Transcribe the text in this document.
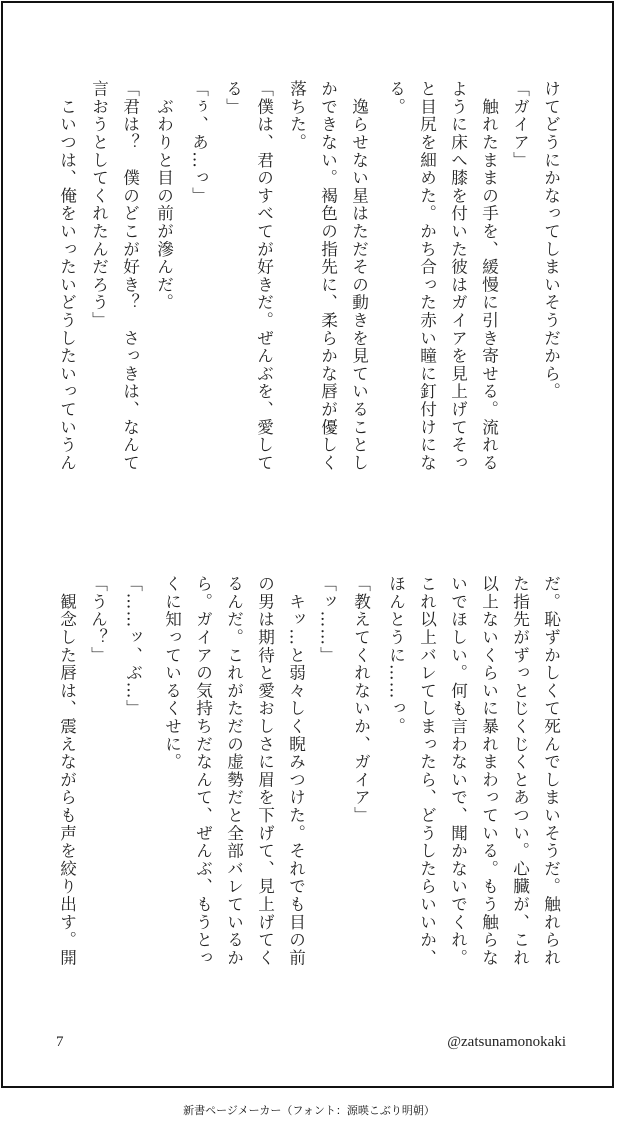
けてどうにかなってしまいそうだから。
「ガイア」
　触れたままの手を、緩慢に引き寄せる。流れる
ように床へ膝を付いた彼はガイアを見上げてそっ
と目尻を細めた。かち合った赤い瞳に釘付けにな
る。
　逸らせない星はただその動きを見ていることし
かできない。褐色の指先に、柔らかな唇が優しく
落ちた。
「僕は、君のすべてが好きだ。ぜんぶを、愛して
る」
「ぅ、あ…っ」
　ぶわりと目の前が滲んだ。
「君は？　僕のどこが好き？　さっきは、なんて
言おうとしてくれたんだろう」
　こいつは、俺をいったいどうしたいっていうん
だ。恥ずかしくて死んでしまいそうだ。触れられ
た指先がずっとじくじくとあつい。心臓が、これ
以上ないくらいに暴れまわっている。もう触らな
いでほしい。何も言わないで、聞かないでくれ。
これ以上バレてしまったら、どうしたらいいか、
ほんとうに……っ。
「教えてくれないか、ガイア」
「ッ……」
　キッ…と弱々しく睨みつけた。それでも目の前
の男は期待と愛おしさに眉を下げて、見上げてく
るんだ。これがただの虚勢だと全部バレているか
ら。ガイアの気持ちだなんて、ぜんぶ、もうとっ
くに知っているくせに。
「……ッ、ぶ…」
「うん？」
　観念した唇は、震えながらも声を絞り出す。開
7	@zatsunamonokaki
新書ページメーカー（フォント：源暎こぶり明朝）
